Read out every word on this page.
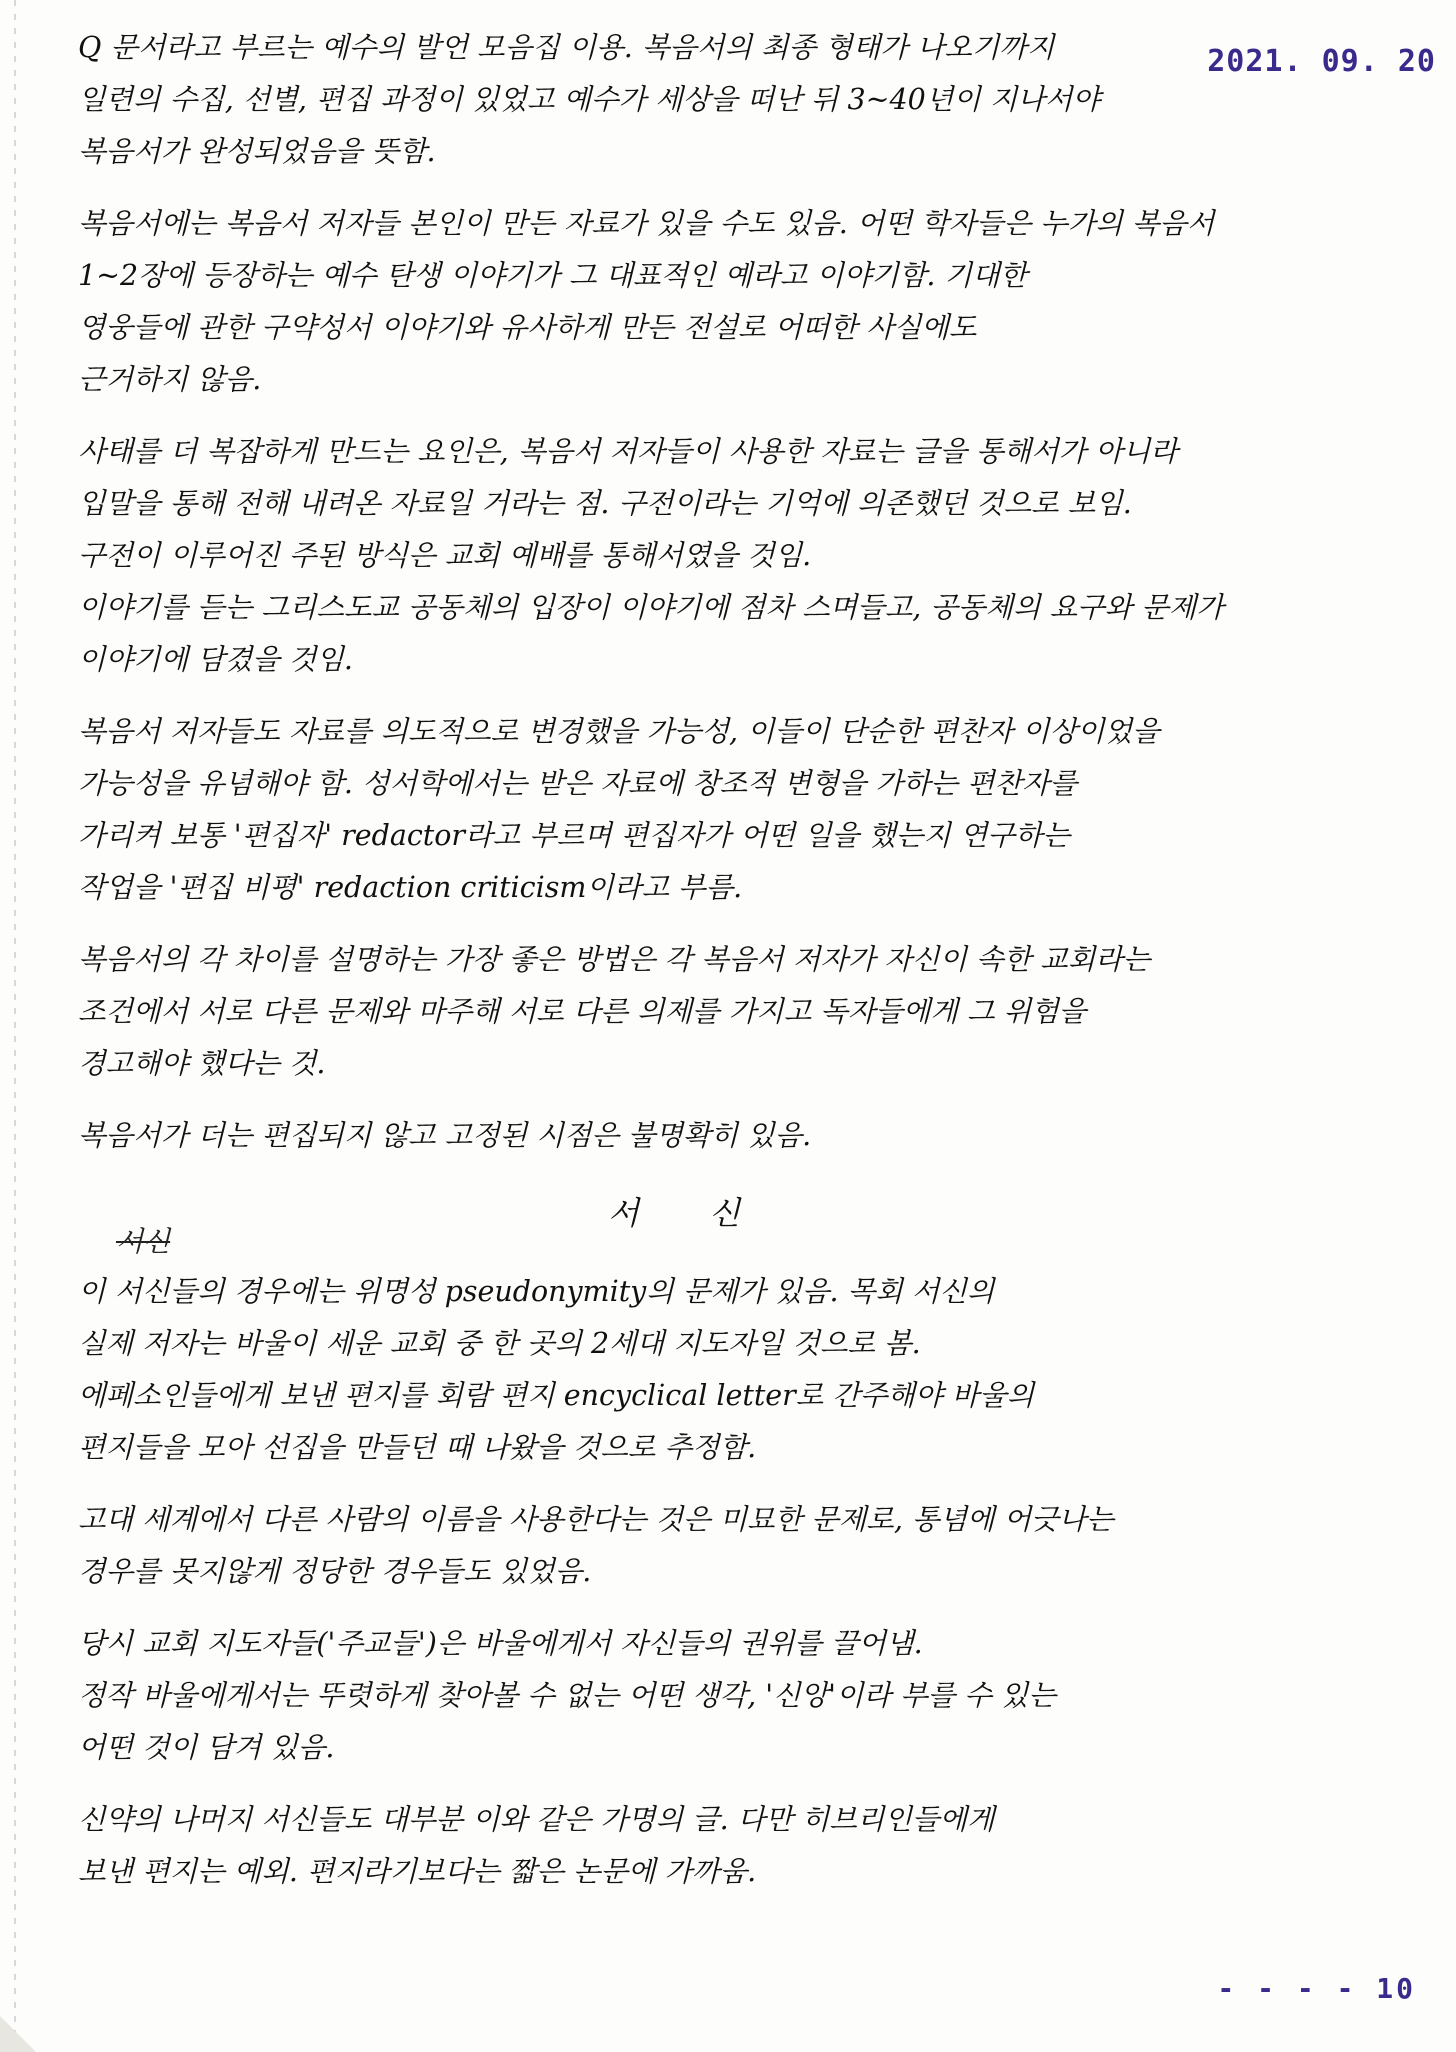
2021. 09. 20
Q 문서라고 부르는 예수의 발언 모음집 이용. 복음서의 최종 형태가 나오기까지
일련의 수집, 선별, 편집 과정이 있었고 예수가 세상을 떠난 뒤 3~40년이 지나서야
복음서가 완성되었음을 뜻함.
복음서에는 복음서 저자들 본인이 만든 자료가 있을 수도 있음. 어떤 학자들은 누가의 복음서
1~2장에 등장하는 예수 탄생 이야기가 그 대표적인 예라고 이야기함. 기대한
영웅들에 관한 구약성서 이야기와 유사하게 만든 전설로 어떠한 사실에도
근거하지 않음.
사태를 더 복잡하게 만드는 요인은, 복음서 저자들이 사용한 자료는 글을 통해서가 아니라
입말을 통해 전해 내려온 자료일 거라는 점. 구전이라는 기억에 의존했던 것으로 보임.
구전이 이루어진 주된 방식은 교회 예배를 통해서였을 것임.
이야기를 듣는 그리스도교 공동체의 입장이 이야기에 점차 스며들고, 공동체의 요구와 문제가
이야기에 담겼을 것임.
복음서 저자들도 자료를 의도적으로 변경했을 가능성, 이들이 단순한 편찬자 이상이었을
가능성을 유념해야 함. 성서학에서는 받은 자료에 창조적 변형을 가하는 편찬자를
가리켜 보통 '편집자' redactor라고 부르며 편집자가 어떤 일을 했는지 연구하는
작업을 '편집 비평' redaction criticism이라고 부름.
복음서의 각 차이를 설명하는 가장 좋은 방법은 각 복음서 저자가 자신이 속한 교회라는
조건에서 서로 다른 문제와 마주해 서로 다른 의제를 가지고 독자들에게 그 위험을
경고해야 했다는 것.
복음서가 더는 편집되지 않고 고정된 시점은 불명확히 있음.
서 신
서신
이 서신들의 경우에는 위명성 pseudonymity의 문제가 있음. 목회 서신의
실제 저자는 바울이 세운 교회 중 한 곳의 2세대 지도자일 것으로 봄.
에페소인들에게 보낸 편지를 회람 편지 encyclical letter로 간주해야 바울의
편지들을 모아 선집을 만들던 때 나왔을 것으로 추정함.
고대 세계에서 다른 사람의 이름을 사용한다는 것은 미묘한 문제로, 통념에 어긋나는
경우를 못지않게 정당한 경우들도 있었음.
당시 교회 지도자들('주교들')은 바울에게서 자신들의 권위를 끌어냄.
정작 바울에게서는 뚜렷하게 찾아볼 수 없는 어떤 생각, '신앙'이라 부를 수 있는
어떤 것이 담겨 있음.
신약의 나머지 서신들도 대부분 이와 같은 가명의 글. 다만 히브리인들에게
보낸 편지는 예외. 편지라기보다는 짧은 논문에 가까움.
- - - - 10
